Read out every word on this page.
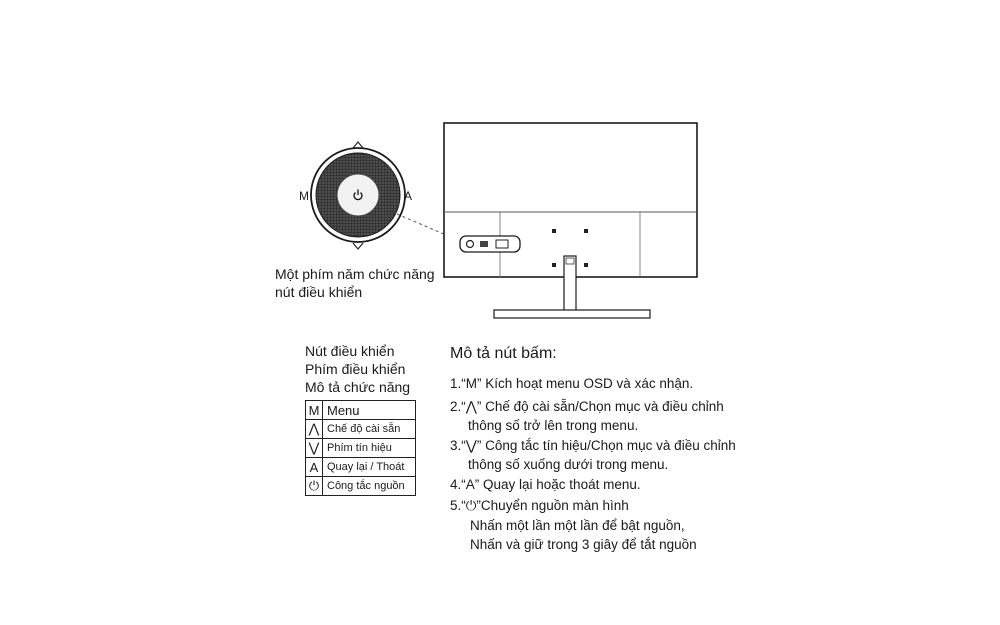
M	A
Một phím năm chức năng
nút điều khiển
Nút điều khiển
Phím điều khiển
Mô tả chức năng
M	Menu
⋀	Chế độ cài sẵn
⋁	Phím tín hiệu
A	Quay lại / Thoát
⏻	Công tắc nguồn
Mô tả nút bấm:
1.“M” Kích hoạt menu OSD và xác nhận.
2.“⋀” Chế độ cài sẵn/Chọn mục và điều chỉnh
thông số trở lên trong menu.
3.“⋁” Công tắc tín hiệu/Chọn mục và điều chỉnh
thông số xuống dưới trong menu.
4.“A” Quay lại hoặc thoát menu.
5.“⏻”Chuyển nguồn màn hình
Nhấn một lần một lần để bật nguồn,
Nhấn và giữ trong 3 giây để tắt nguồn
